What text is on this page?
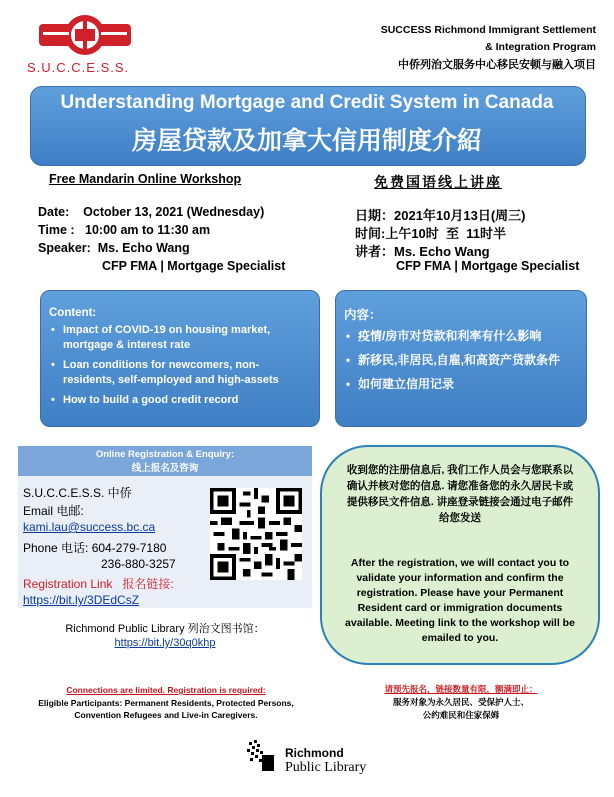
S.U.C.C.E.S.S.
SUCCESS Richmond Immigrant Settlement
& Integration Program
中侨列治文服务中心移民安顿与融入项目
Understanding Mortgage and Credit System in Canada
房屋贷款及加拿大信用制度介紹
Free Mandarin Online Workshop	免费国语线上讲座
Date:    October 13, 2021 (Wednesday)
Time :   10:00 am to 11:30 am
Speaker:  Ms. Echo Wang
CFP FMA | Mortgage Specialist
日期：2021年10月13日(周三)
时间:上午10时  至  11时半
讲者：Ms. Echo Wang
CFP FMA | Mortgage Specialist
Content:
• Impact of COVID-19 on housing market, mortgage & interest rate
• Loan conditions for newcomers, non-residents, self-employed and high-assets
• How to build a good credit record
内容：
• 疫情/房市对贷款和利率有什么影响
• 新移民,非居民,自雇,和高资产贷款条件
• 如何建立信用记录
Online Registration & Enquiry:
线上报名及咨询
S.U.C.C.E.S.S. 中侨
Email 电邮:
kami.lau@success.bc.ca
Phone 电话: 604-279-7180
236-880-3257
Registration Link   报名链接:
https://bit.ly/3DEdCsZ
Richmond Public Library 列治文图书馆：
https://bit.ly/30q0khp
收到您的注册信息后, 我们工作人员会与您联系以确认并核对您的信息. 请您准备您的永久居民卡或提供移民文件信息. 讲座登录链接会通过电子邮件给您发送
After the registration, we will contact you to validate your information and confirm the registration. Please have your Permanent Resident card or immigration documents available. Meeting link to the workshop will be emailed to you.
Connections are limited. Registration is required:
Eligible Participants: Permanent Residents, Protected Persons, Convention Refugees and Live-in Caregivers.
请预先报名，链接数量有限，额满即止：
服务对象为永久居民、受保护人士、
公约难民和住家保姆
Richmond
Public Library
